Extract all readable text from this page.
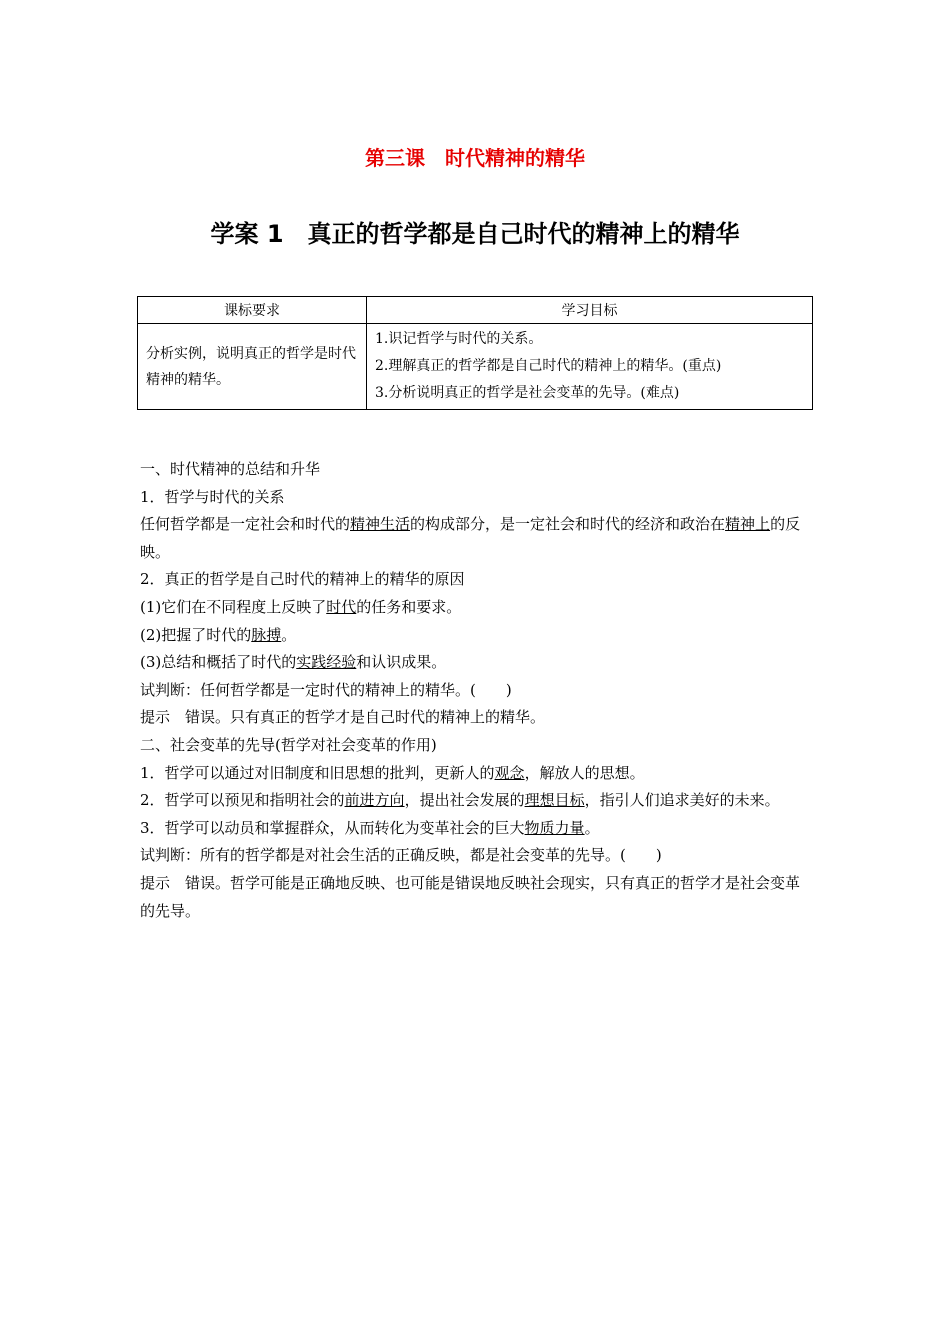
第三课　时代精神的精华
学案 1　真正的哲学都是自己时代的精神上的精华
课标要求	学习目标
分析实例，说明真正的哲学是时代精神的精华。	1.识记哲学与时代的关系。
2.理解真正的哲学都是自己时代的精神上的精华。(重点)
3.分析说明真正的哲学是社会变革的先导。(难点)

一、时代精神的总结和升华

1．哲学与时代的关系

任何哲学都是一定社会和时代的精神生活的构成部分，是一定社会和时代的经济和政治在精神上的反映。

2．真正的哲学是自己时代的精神上的精华的原因

(1)它们在不同程度上反映了时代的任务和要求。

(2)把握了时代的脉搏。

(3)总结和概括了时代的实践经验和认识成果。

试判断：任何哲学都是一定时代的精神上的精华。(　　)

提示　错误。只有真正的哲学才是自己时代的精神上的精华。

二、社会变革的先导(哲学对社会变革的作用)

1．哲学可以通过对旧制度和旧思想的批判，更新人的观念，解放人的思想。

2．哲学可以预见和指明社会的前进方向，提出社会发展的理想目标，指引人们追求美好的未来。

3．哲学可以动员和掌握群众，从而转化为变革社会的巨大物质力量。

试判断：所有的哲学都是对社会生活的正确反映，都是社会变革的先导。(　　)

提示　错误。哲学可能是正确地反映、也可能是错误地反映社会现实，只有真正的哲学才是社会变革的先导。
